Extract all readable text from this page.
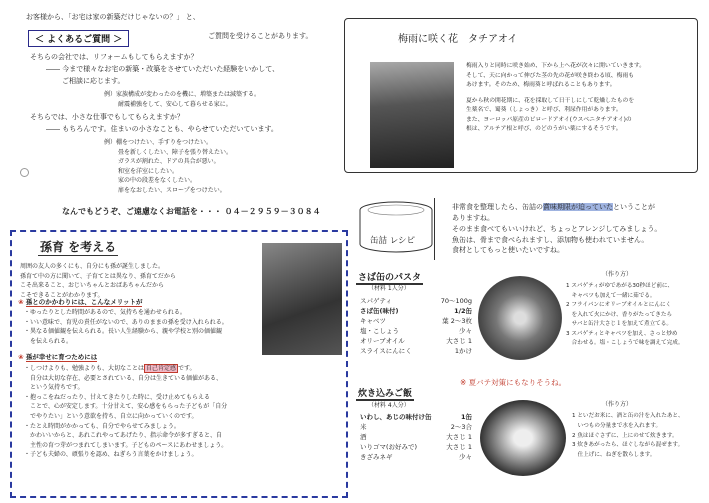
お客様から、「お宅は家の新築だけじゃないの？」 と、
＜ よくあるご質問 ＞	ご質問を受けることがあります。
そちらの会社では、リフォームもしてもらえますか？
―― 今まで様々なお宅の新築・改築をさせていただいた経験をいかして、
ご相談に応じます。
例）家族構成が変わったのを機に、増築または減築する。
耐震補強をして、安心して暮らせる家に。
そちらでは、小さな仕事でもしてもらえますか？
―― もちろんです。住まいの小さなことも、やらせていただいています。
例）棚をつけたい、手すりをつけたい。
畳を新しくしたい、障子を張り替えたい。
ガラスが割れた、ドアの具合が悪い。
和室を洋室にしたい。
家の中の段差をなくしたい。
扉をなおしたい、スロープをつけたい。
なんでもどうぞ、ご遠慮なくお電話を・・・ ０４－２９５９－３０８４
孫育 を考える
周囲の友人の多くにも、自分にも孫が誕生しました。
孫育て中の方に聞いて、子育てとは異なり、孫育てだから
こそ出来ること、おじいちゃんとおばあちゃんだから
こそできることがわかります。
❀ 孫とのかかわりには、こんなメリットが
・ゆったりとした時間があるので、気持ちを通わせられる。
・いい意味で、育児の責任がないので、ありのままの孫を受け入れられる。
・異なる価値観を伝えられる。長い人生経験から、親や学校と別の価値観
　を伝えられる。
❀ 孫が幸せに育つためには
・しつけよりも、勉強よりも、大切なことは 自己肯定感 です。
　自分は大切な存在、必要とされている、自分は生きている価値がある、
　という気持ちです。
・抱っこをねだったり、甘えてきたりした時に、受け止めてもらえる
　ことで、心が安定します。十分甘えて、安心感をもらった子どもが「自分
　でやりたい」という意欲を持ち、自立に向かっていくのです。
・たとえ時間がかかっても、自分でやらせてみましょう。
　かわいいからと、あれこれやってあげたり、指示命令が多すぎると、自
　主性の育つ芽がつまれてしまいます。子どものペースにあわせましょう。
・子ども夫婦の、頑張りを認め、ねぎらう言葉をかけましょう。
梅雨に咲く花　タチアオイ
梅雨入りと同時に咲き始め、下から上へ花が次々に開いていきます。
そして、天に向かって伸びた茎の先の花が咲き終わる頃、梅雨も
あけます。そのため、梅雨葵と呼ばれることもあります。
夏から秋の開花期に、花を採取して日干しにして乾燥したものを
生薬名で、蜀葵（しょっき）と呼び、利尿作用があります。
また、ヨーロッパ原産のビロードアオイ(ウスベニタチアオイ)の
根は、アルテア根と呼び、のどのうがい薬にするそうです。
缶詰 レシピ
非常食を整理したら、缶詰の賞味期限が迫っていたということが
ありますね。
そのまま食べてもいいけれど、ちょっとアレンジしてみましょう。
魚缶は、骨まで食べられますし、添加物も使われていません。
食材としてもっと使いたいですね。
さば缶のパスタ
（材料 1人分）
スパゲティ	70～100g
さば缶(味付)	1/2缶
キャベツ	葉 2～3枚
塩・こしょう	少々
オリーブオイル	大さじ 1
スライスにんにく	1かけ
（作り方）
1 スパゲティがゆであがる30秒ほど前に、
　キャベツも加えて一緒に茹でる。
2 フライパンにオリーブオイルとにんにく
　を入れて火にかけ、香りがたってきたら
　サバと缶汁大さじ１を加えて煮立てる。
3 スパゲティとキャベツを加え、さっと炒め
　合わせる。塩・こしょうで味を調えて完成。
※ 夏バテ対策にもなりそうね。
炊き込みご飯
（材料 4人分）
いわし、あじの味付け缶	1缶
米	2～3合
酒	大さじ 1
いりゴマ(お好みで)	大さじ 1
きざみネギ	少々
（作り方）
1 といだお米に、酒と缶の汁を入れたあと、
　いつもの分量まで水を入れます。
2 魚はほぐさずに、上にのせて炊きます。
3 炊きあがったら、ほぐしながら混ぜます。
　仕上げに、ねぎを散らします。
